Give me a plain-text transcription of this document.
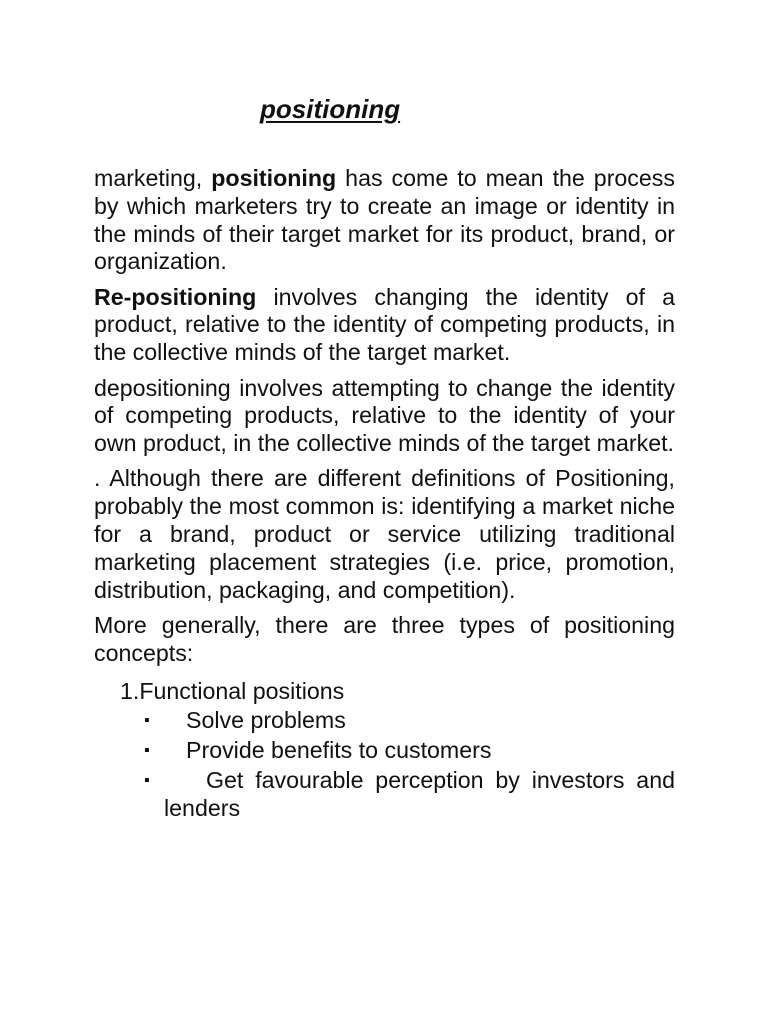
positioning

marketing, positioning has come to mean the process by which marketers try to create an image or identity in the minds of their target market for its product, brand, or organization.

Re-positioning involves changing the identity of a product, relative to the identity of competing products, in the collective minds of the target market.

depositioning involves attempting to change the identity of competing products, relative to the identity of your own product, in the collective minds of the target market.

. Although there are different definitions of Positioning, probably the most common is: identifying a market niche for a brand, product or service utilizing traditional marketing placement strategies (i.e. price, promotion, distribution, packaging, and competition).

More generally, there are three types of positioning concepts:

1.Functional positions

▪ Solve problems
▪ Provide benefits to customers
▪	Get favourable perception by investors and lenders
